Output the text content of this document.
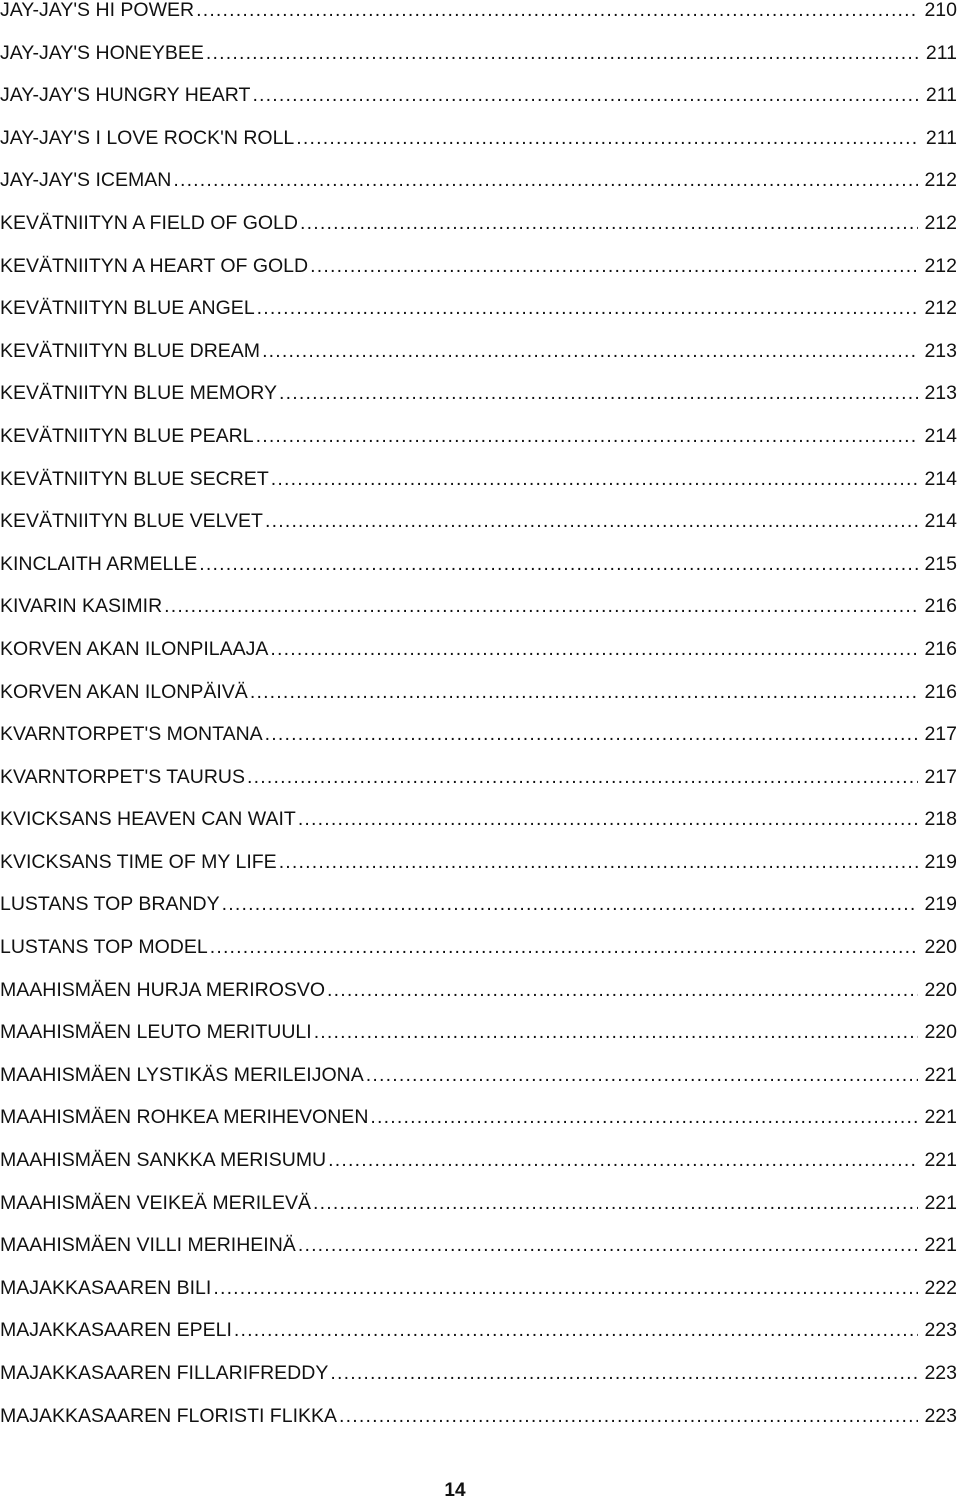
JAY-JAY'S HI POWER .....	210
JAY-JAY'S HONEYBEE .....	211
JAY-JAY'S HUNGRY HEART .....	211
JAY-JAY'S I LOVE ROCK'N ROLL .....	211
JAY-JAY'S ICEMAN .....	212
KEVÄTNIITYN A FIELD OF GOLD .....	212
KEVÄTNIITYN A HEART OF GOLD .....	212
KEVÄTNIITYN BLUE ANGEL .....	212
KEVÄTNIITYN BLUE DREAM .....	213
KEVÄTNIITYN BLUE MEMORY .....	213
KEVÄTNIITYN BLUE PEARL .....	214
KEVÄTNIITYN BLUE SECRET .....	214
KEVÄTNIITYN BLUE VELVET .....	214
KINCLAITH ARMELLE .....	215
KIVARIN KASIMIR .....	216
KORVEN AKAN ILONPILAAJA .....	216
KORVEN AKAN ILONPÄIVÄ .....	216
KVARNTORPET'S MONTANA .....	217
KVARNTORPET'S TAURUS .....	217
KVICKSANS HEAVEN CAN WAIT .....	218
KVICKSANS TIME OF MY LIFE .....	219
LUSTANS TOP BRANDY .....	219
LUSTANS TOP MODEL .....	220
MAAHISMÄEN HURJA MERIROSVO .....	220
MAAHISMÄEN LEUTO MERITUULI .....	220
MAAHISMÄEN LYSTIKÄS MERILEIJONA .....	221
MAAHISMÄEN ROHKEA MERIHEVONEN .....	221
MAAHISMÄEN SANKKA MERISUMU .....	221
MAAHISMÄEN VEIKEÄ MERILEVÄ .....	221
MAAHISMÄEN VILLI MERIHEINÄ .....	221
MAJAKKASAAREN BILI .....	222
MAJAKKASAAREN EPELI .....	223
MAJAKKASAAREN FILLARIFREDDY .....	223
MAJAKKASAAREN FLORISTI FLIKKA .....	223
14
